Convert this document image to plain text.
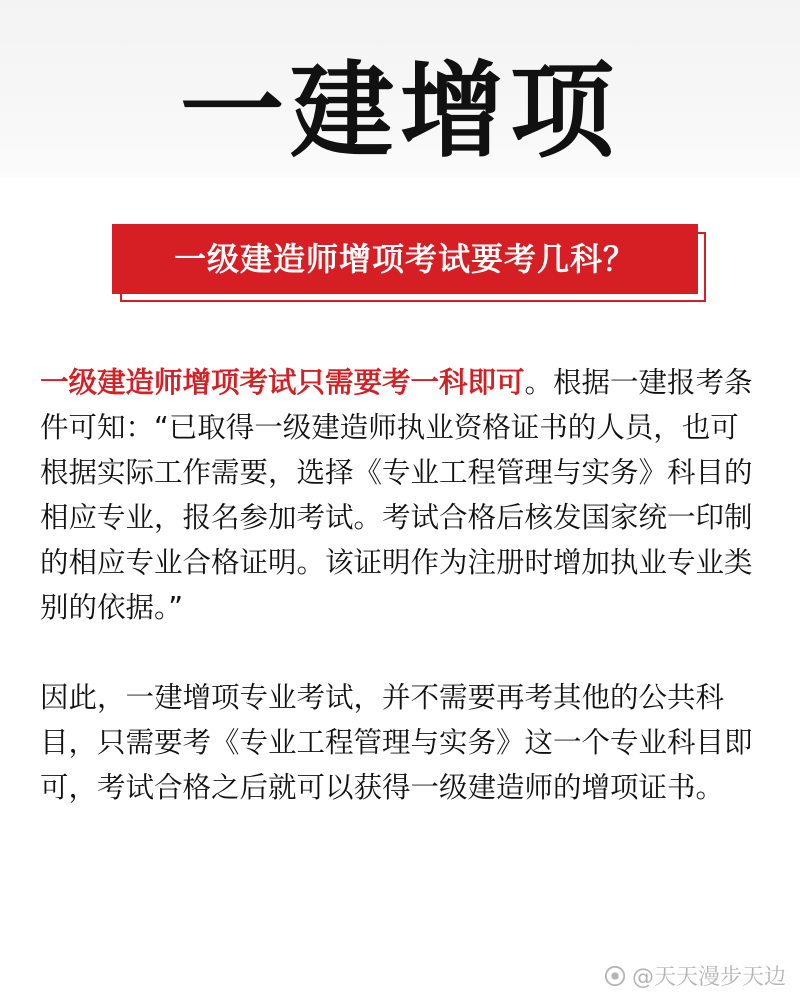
一建增项
一级建造师增项考试要考几科？

一级建造师增项考试只需要考一科即可。根据一建报考条件可知：“已取得一级建造师执业资格证书的人员，也可根据实际工作需要，选择《专业工程管理与实务》科目的相应专业，报名参加考试。考试合格后核发国家统一印制的相应专业合格证明。该证明作为注册时增加执业专业类别的依据。”

因此，一建增项专业考试，并不需要再考其他的公共科目，只需要考《专业工程管理与实务》这一个专业科目即可，考试合格之后就可以获得一级建造师的增项证书。

@天天漫步天边
